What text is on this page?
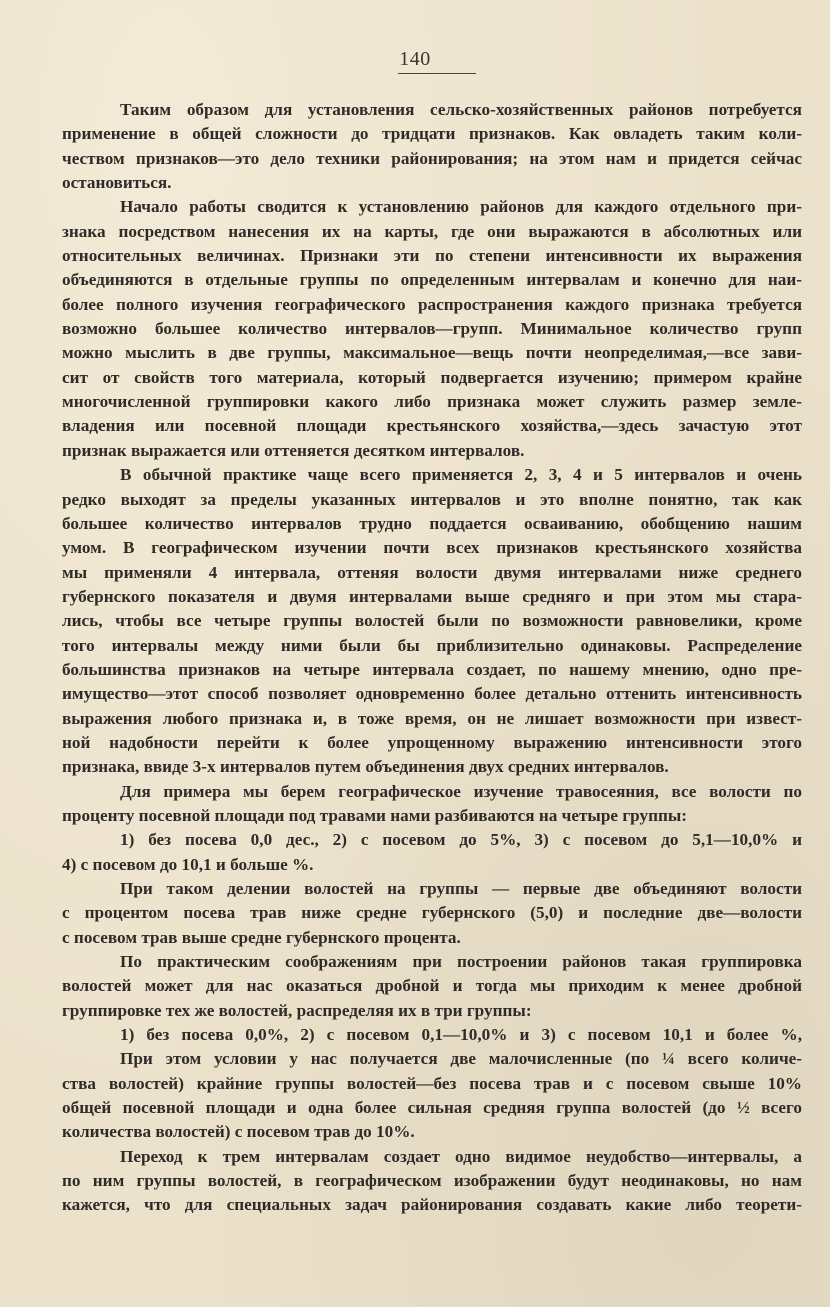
140
Таким образом для установления сельско-хозяйственных районов потребуется
применение в общей сложности до тридцати признаков. Как овладеть таким коли-
чеством признаков—это дело техники районирования; на этом нам и придется сейчас
остановиться.
Начало работы сводится к установлению районов для каждого отдельного при-
знака посредством нанесения их на карты, где они выражаются в абсолютных или
относительных величинах. Признаки эти по степени интенсивности их выражения
объединяются в отдельные группы по определенным интервалам и конечно для наи-
более полного изучения географического распространения каждого признака требуется
возможно большее количество интервалов—групп. Минимальное количество групп
можно мыслить в две группы, максимальное—вещь почти неопределимая,—все зави-
сит от свойств того материала, который подвергается изучению; примером крайне
многочисленной группировки какого либо признака может служить размер земле-
владения или посевной площади крестьянского хозяйства,—здесь зачастую этот
признак выражается или оттеняется десятком интервалов.
В обычной практике чаще всего применяется 2, 3, 4 и 5 интервалов и очень
редко выходят за пределы указанных интервалов и это вполне понятно, так как
большее количество интервалов трудно поддается осваиванию, обобщению нашим
умом. В географическом изучении почти всех признаков крестьянского хозяйства
мы применяли 4 интервала, оттеняя волости двумя интервалами ниже среднего
губернского показателя и двумя интервалами выше средняго и при этом мы стара-
лись, чтобы все четыре группы волостей были по возможности равновелики, кроме
того интервалы между ними были бы приблизительно одинаковы. Распределение
большинства признаков на четыре интервала создает, по нашему мнению, одно пре-
имущество—этот способ позволяет одновременно более детально оттенить интенсивность
выражения любого признака и, в тоже время, он не лишает возможности при извест-
ной надобности перейти к более упрощенному выражению интенсивности этого
признака, ввиде 3-х интервалов путем объединения двух средних интервалов.
Для примера мы берем географическое изучение травосеяния, все волости по
проценту посевной площади под травами нами разбиваются на четыре группы:
1) без посева 0,0 дес., 2) с посевом до 5%, 3) с посевом до 5,1—10,0% и
4) с посевом до 10,1 и больше %.
При таком делении волостей на группы — первые две объединяют волости
с процентом посева трав ниже средне губернского (5,0) и последние две—волости
с посевом трав выше средне губернского процента.
По практическим соображениям при построении районов такая группировка
волостей может для нас оказаться дробной и тогда мы приходим к менее дробной
группировке тех же волостей, распределяя их в три группы:
1) без посева 0,0%, 2) с посевом 0,1—10,0% и 3) с посевом 10,1 и более %,
При этом условии у нас получается две малочисленные (по ¼ всего количе-
ства волостей) крайние группы волостей—без посева трав и с посевом свыше 10%
общей посевной площади и одна более сильная средняя группа волостей (до ½ всего
количества волостей) с посевом трав до 10%.
Переход к трем интервалам создает одно видимое неудобство—интервалы, а
по ним группы волостей, в географическом изображении будут неодинаковы, но нам
кажется, что для специальных задач районирования создавать какие либо теорети-
